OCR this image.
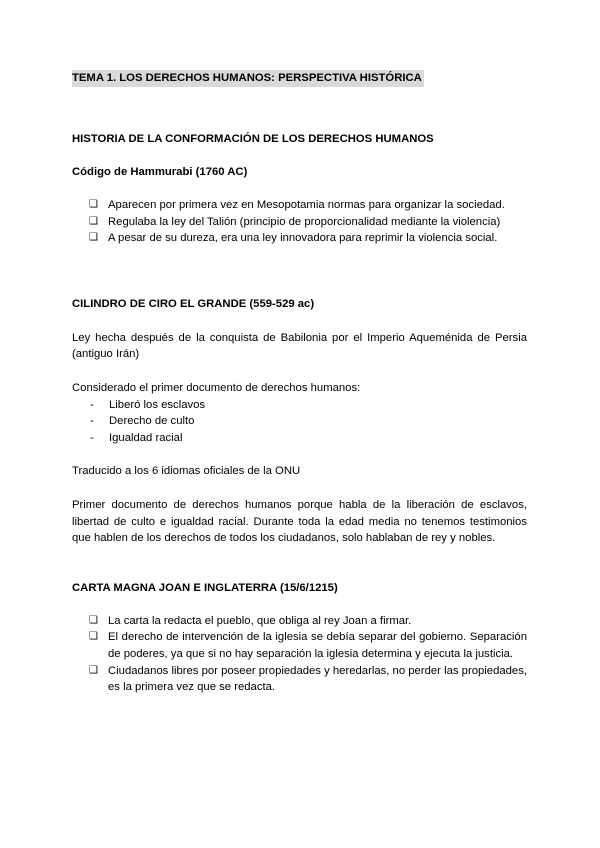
TEMA 1. LOS DERECHOS HUMANOS: PERSPECTIVA HISTÓRICA
HISTORIA DE LA CONFORMACIÓN DE LOS DERECHOS HUMANOS
Código de Hammurabi (1760 AC)
❑ Aparecen por primera vez en Mesopotamia normas para organizar la sociedad.
❑ Regulaba la ley del Talión (principio de proporcionalidad mediante la violencia)
❑ A pesar de su dureza, era una ley innovadora para reprimir la violencia social.
CILINDRO DE CIRO EL GRANDE (559-529 ac)

Ley hecha después de la conquista de Babilonia por el Imperio Aqueménida de Persia (antiguo Irán)

Considerado el primer documento de derechos humanos:

- Liberó los esclavos
- Derecho de culto
- Igualdad racial

Traducido a los 6 idiomas oficiales de la ONU

Primer documento de derechos humanos porque habla de la liberación de esclavos, libertad de culto e igualdad racial. Durante toda la edad media no tenemos testimonios que hablen de los derechos de todos los ciudadanos, solo hablaban de rey y nobles.

CARTA MAGNA JOAN E INGLATERRA (15/6/1215)
❑ La carta la redacta el pueblo, que obliga al rey Joan a firmar.
❑ El derecho de intervención de la iglesia se debía separar del gobierno. Separación de poderes, ya que si no hay separación la iglesia determina y ejecuta la justicia.
❑ Ciudadanos libres por poseer propiedades y heredarlas, no perder las propiedades, es la primera vez que se redacta.
